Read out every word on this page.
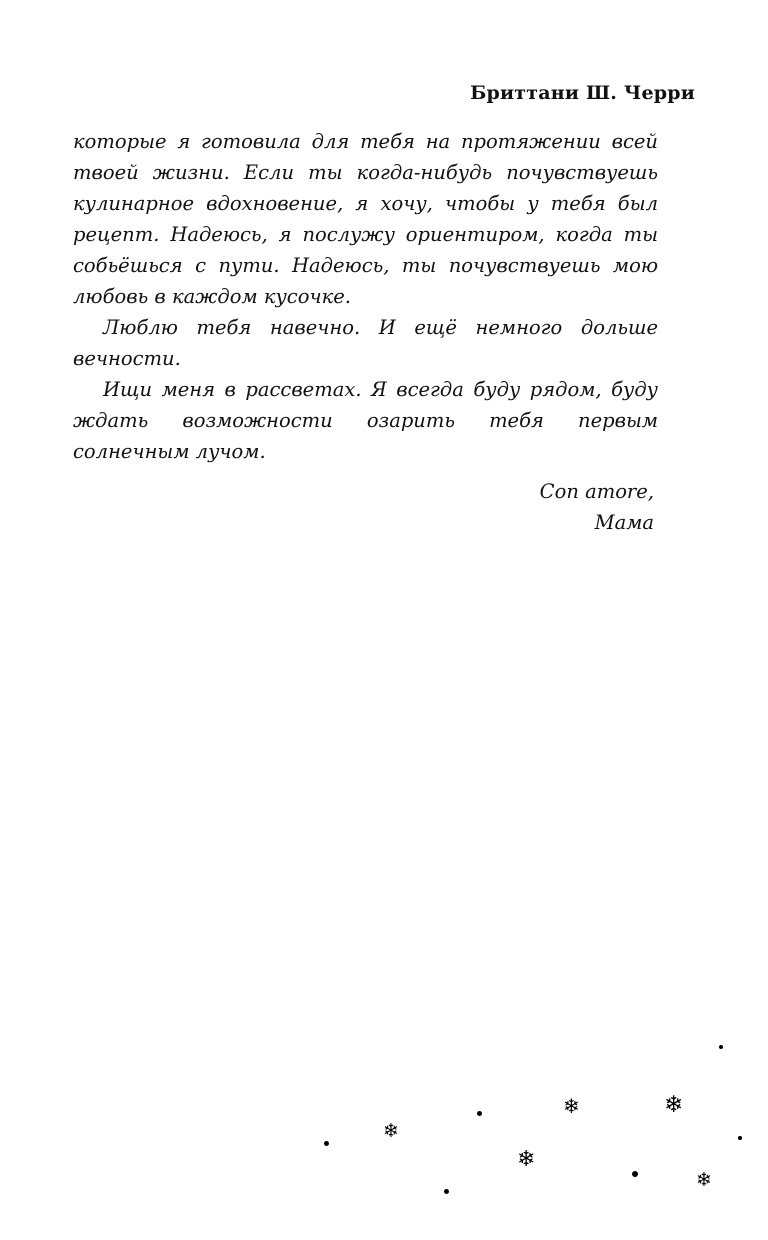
Бриттани Ш. Черри

которые я готовила для тебя на протяжении всей твоей жизни. Если ты когда-нибудь почувствуешь кулинарное вдохновение, я хочу, чтобы у тебя был рецепт. Надеюсь, я послужу ориентиром, когда ты собьёшься с пути. Надеюсь, ты почувствуешь мою любовь в каждом кусочке.

Люблю тебя навечно. И ещё немного дольше вечности.

Ищи меня в рассветах. Я всегда буду рядом, буду ждать возможности озарить тебя первым солнечным лучом.

Con amore,
Мама
❄	❄
❄
❄
❄
